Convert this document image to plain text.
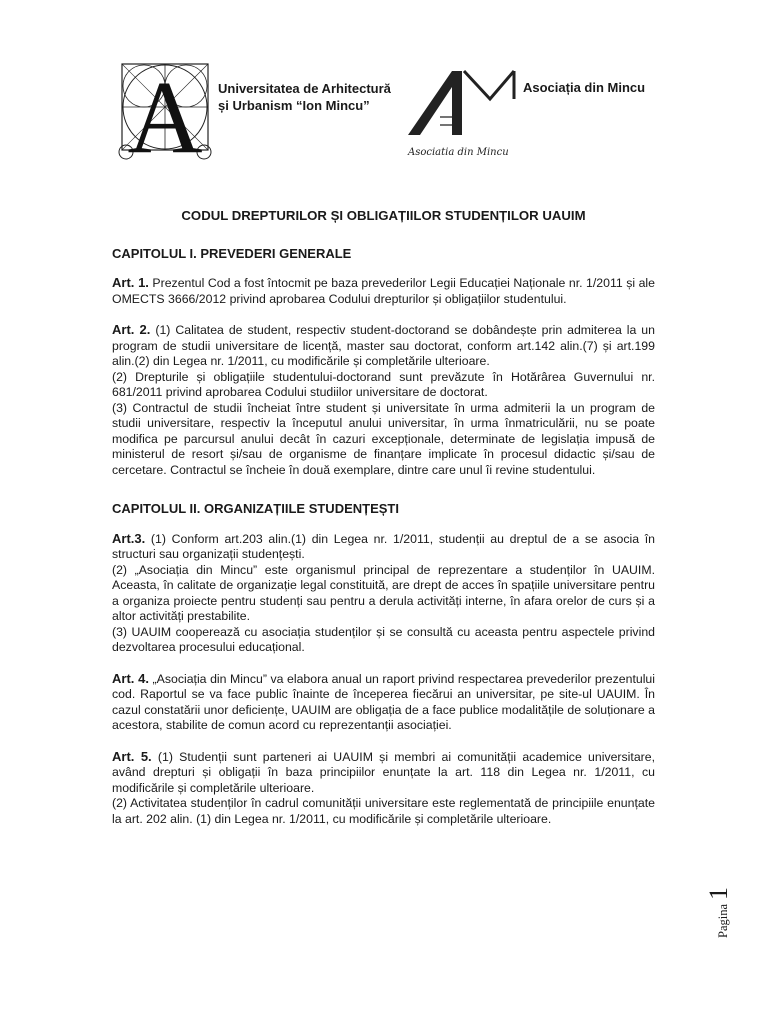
A Universitatea de Arhitectură
și Urbanism “Ion Mincu”
Asociatia din Mincu
Asociația din Mincu
CODUL DREPTURILOR ȘI OBLIGAȚIILOR STUDENȚILOR UAUIM
CAPITOLUL I. PREVEDERI GENERALE

Art. 1. Prezentul Cod a fost întocmit pe baza prevederilor Legii Educației Naționale nr. 1/2011 și ale OMECTS 3666/2012 privind aprobarea Codului drepturilor și obligațiilor studentului.

Art. 2. (1) Calitatea de student, respectiv student-doctorand se dobândește prin admiterea la un program de studii universitare de licență, master sau doctorat, conform art.142 alin.(7) și art.199 alin.(2) din Legea nr. 1/2011, cu modificările și completările ulterioare.

(2) Drepturile și obligațiile studentului-doctorand sunt prevăzute în Hotărârea Guvernului nr. 681/2011 privind aprobarea Codului studiilor universitare de doctorat.

(3) Contractul de studii încheiat între student și universitate în urma admiterii la un program de studii universitare, respectiv la începutul anului universitar, în urma înmatriculării, nu se poate modifica pe parcursul anului decât în cazuri excepționale, determinate de legislația impusă de ministerul de resort și/sau de organisme de finanțare implicate în procesul didactic și/sau de cercetare. Contractul se încheie în două exemplare, dintre care unul îi revine studentului.

CAPITOLUL II. ORGANIZAȚIILE STUDENȚEȘTI

Art.3. (1) Conform art.203 alin.(1) din Legea nr. 1/2011, studenții au dreptul de a se asocia în structuri sau organizații studențești.

(2) „Asociația din Mincu” este organismul principal de reprezentare a studenților în UAUIM. Aceasta, în calitate de organizație legal constituită, are drept de acces în spațiile universitare pentru a organiza proiecte pentru studenți sau pentru a derula activități interne, în afara orelor de curs și a altor activități prestabilite.

(3) UAUIM cooperează cu asociația studenților și se consultă cu aceasta pentru aspectele privind dezvoltarea procesului educațional.

Art. 4. „Asociația din Mincu” va elabora anual un raport privind respectarea prevederilor prezentului cod. Raportul se va face public înainte de începerea fiecărui an universitar, pe site-ul UAUIM. În cazul constatării unor deficiențe, UAUIM are obligația de a face publice modalitățile de soluționare a acestora, stabilite de comun acord cu reprezentanții asociației.

Art. 5. (1) Studenții sunt parteneri ai UAUIM și membri ai comunității academice universitare, având drepturi și obligații în baza principiilor enunțate la art. 118 din Legea nr. 1/2011, cu modificările și completările ulterioare.

(2) Activitatea studenților în cadrul comunității universitare este reglementată de principiile enunțate la art. 202 alin. (1) din Legea nr. 1/2011, cu modificările și completările ulterioare.

Pagina1
